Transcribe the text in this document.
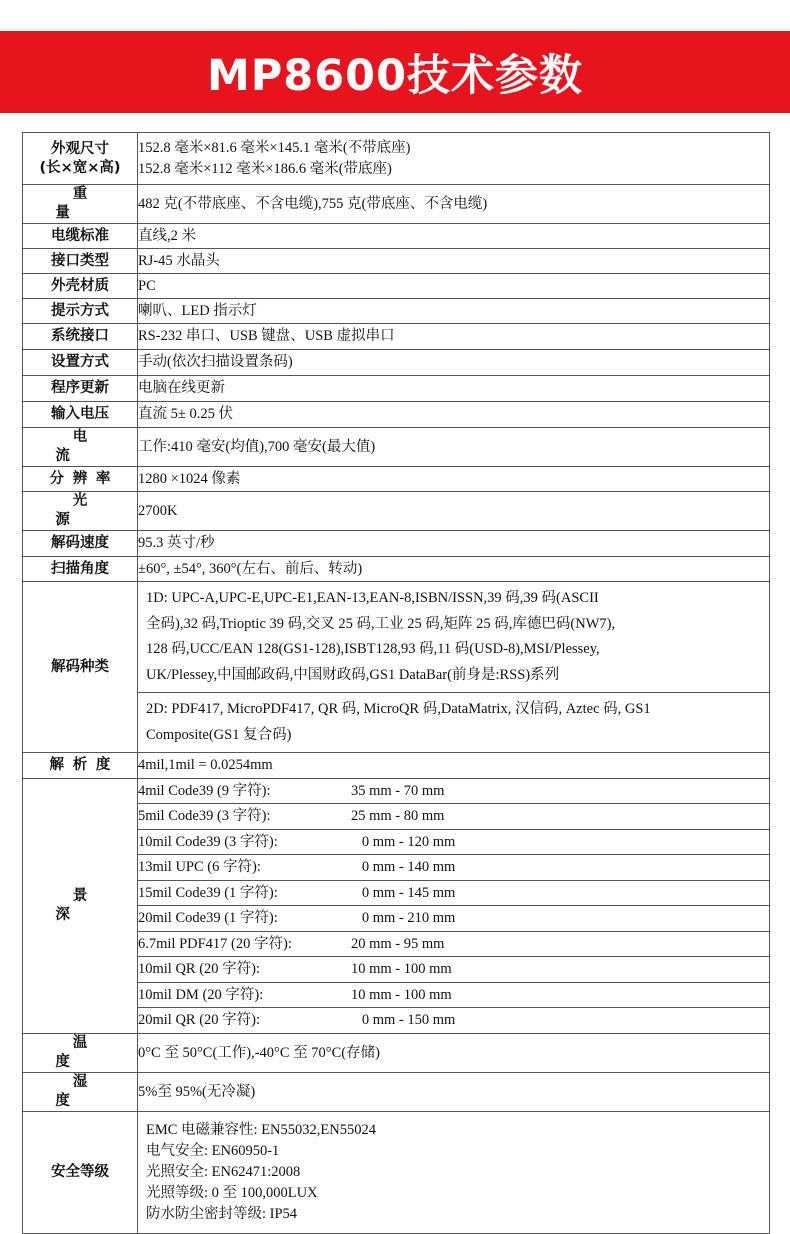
MP8600技术参数
外观尺寸
(长×宽×高)	152.8 毫米×81.6 毫米×145.1 毫米(不带底座)
152.8 毫米×112 毫米×186.6 毫米(带底座)

重 量	482 克(不带底座、不含电缆),755 克(带底座、不含电缆)
电缆标准	直线,2 米
接口类型	RJ-45 水晶头
外壳材质	PC
提示方式	喇叭、LED 指示灯
系统接口	RS-232 串口、USB 键盘、USB 虚拟串口
设置方式	手动(依次扫描设置条码)
程序更新	电脑在线更新
输入电压	直流 5± 0.25 伏
电 流	工作:410 毫安(均值),700 毫安(最大值)
分辨率	1280 ×1024 像素
光 源	2700K
解码速度	95.3 英寸/秒
扫描角度	±60°, ±54°, 360°(左右、前后、转动)
解码种类	1D: UPC-A,UPC-E,UPC-E1,EAN-13,EAN-8,ISBN/ISSN,39 码,39 码(ASCII
全码),32 码,Trioptic 39 码,交叉 25 码,工业 25 码,矩阵 25 码,库德巴码(NW7),
128 码,UCC/EAN 128(GS1-128),ISBT128,93 码,11 码(USD-8),MSI/Plessey,
UK/Plessey,中国邮政码,中国财政码,GS1 DataBar(前身是:RSS)系列

	2D: PDF417, MicroPDF417, QR 码, MicroQR 码,DataMatrix, 汉信码, Aztec 码, GS1
Composite(GS1 复合码)

解析度	4mil,1mil = 0.0254mm
景 深	4mil Code39 (9 字符): 35 mm - 70 mm

	5mil Code39 (3 字符): 25 mm - 80 mm

	10mil Code39 (3 字符): 0 mm - 120 mm

	13mil UPC (6 字符): 0 mm - 140 mm

	15mil Code39 (1 字符): 0 mm - 145 mm

	20mil Code39 (1 字符): 0 mm - 210 mm

	6.7mil PDF417 (20 字符): 20 mm - 95 mm

	10mil QR (20 字符): 10 mm - 100 mm

	10mil DM (20 字符): 10 mm - 100 mm

	20mil QR (20 字符): 0 mm - 150 mm

温 度	0°C 至 50°C(工作),-40°C 至 70°C(存储)
湿 度	5%至 95%(无冷凝)
安全等级	EMC 电磁兼容性: EN55032,EN55024
电气安全: EN60950-1
光照安全: EN62471:2008
光照等级: 0 至 100,000LUX
防水防尘密封等级: IP54
